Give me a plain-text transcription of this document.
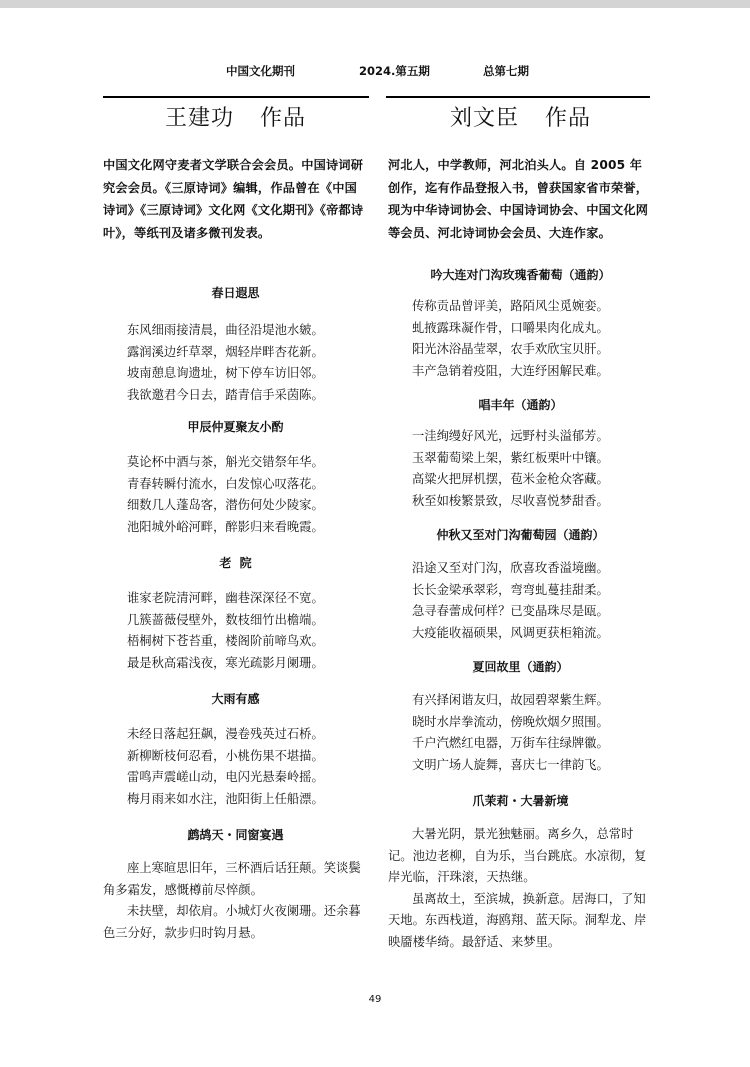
中国文化期刊	2024.第五期	总第七期
王建功 作品
中国文化网守麦者文学联合会会员。中国诗词研究会会员。《三原诗词》编辑，作品曾在《中国诗词》《三原诗词》文化网《文化期刊》《帝都诗叶》，等纸刊及诸多微刊发表。
春日遐思
东风细雨接清晨，曲径沿堤池水皴。
露润溪边纤草翠，烟轻岸畔杏花新。
坡南憩息询遗址，树下停车访旧邻。
我欲邀君今日去，踏青信手采茵陈。
甲辰仲夏聚友小酌
莫论杯中酒与茶，斛光交错祭年华。
青春转瞬付流水，白发惊心叹落花。
细数几人蓬岛客，潜伤何处少陵家。
池阳城外峪河畔，醉影归来看晚霞。
老  院
谁家老院清河畔，幽巷深深径不宽。
几簇蔷薇侵壁外，数枝细竹出檐端。
梧桐树下苍苔重，楼阁阶前啼鸟欢。
最是秋高霜浅夜，寒光疏影月阑珊。
大雨有感
未经日落起狂飙，漫卷残英过石桥。
新柳断枝何忍看，小桃伤果不堪描。
雷鸣声震嵯山动，电闪光悬秦岭摇。
梅月雨来如水注，池阳街上任船漂。
鹧鸪天・同窗宴遇
座上寒暄思旧年，三杯酒后话狂颠。笑谈鬓角多霜发，感慨樽前尽悴颜。
未扶壁，却依肩。小城灯火夜阑珊。还余暮色三分好，款步归时钩月悬。
刘文臣 作品
河北人，中学教师，河北泊头人。自 2005 年创作，迄有作品登报入书，曾获国家省市荣誉，现为中华诗词协会、中国诗词协会、中国文化网等会员、河北诗词协会会员、大连作家。
吟大连对门沟玫瑰香葡萄（通韵）
传称贡品曾评美，路陌风尘觅婉娈。
虬掖露珠凝作骨，口嚼果肉化成丸。
阳光沐浴晶莹翠，农手欢欣宝贝肝。
丰产急销着疫阻，大连纾困解民难。
唱丰年（通韵）
一洼绚缦好风光，远野村头溢郁芳。
玉翠葡萄梁上架，紫红板栗叶中镶。
高粱火把屏机摆，苞米金枪众客藏。
秋至如梭繁景致，尽收喜悦梦甜香。
仲秋又至对门沟葡萄园（通韵）
沿途又至对门沟，欣喜玫香溢境幽。
长长金梁承翠彩，弯弯虬蔓挂甜柔。
急寻春蕾成何样？已变晶珠尽是瓯。
大疫能收福硕果，风调更获柜箱流。
夏回故里（通韵）
有兴择闲谐友归，故园碧翠紫生辉。
晓时水岸拳流动，傍晚炊烟夕照围。
千户汽燃红电器，万街车往绿牌徽。
文明广场人旋舞，喜庆七一律韵飞。
爪茉莉・大暑新境
大暑光阴，景光独魅丽。离乡久，总常时记。池边老柳，自为乐，当台跳底。水凉彻，复岸光临，汗珠滚，天热继。
虽离故土，至滨城，换新意。居海口，了知天地。东西栈道，海鸥翔、蓝天际。洞犁龙、岸映靥楼华绮。最舒适、来梦里。
49
